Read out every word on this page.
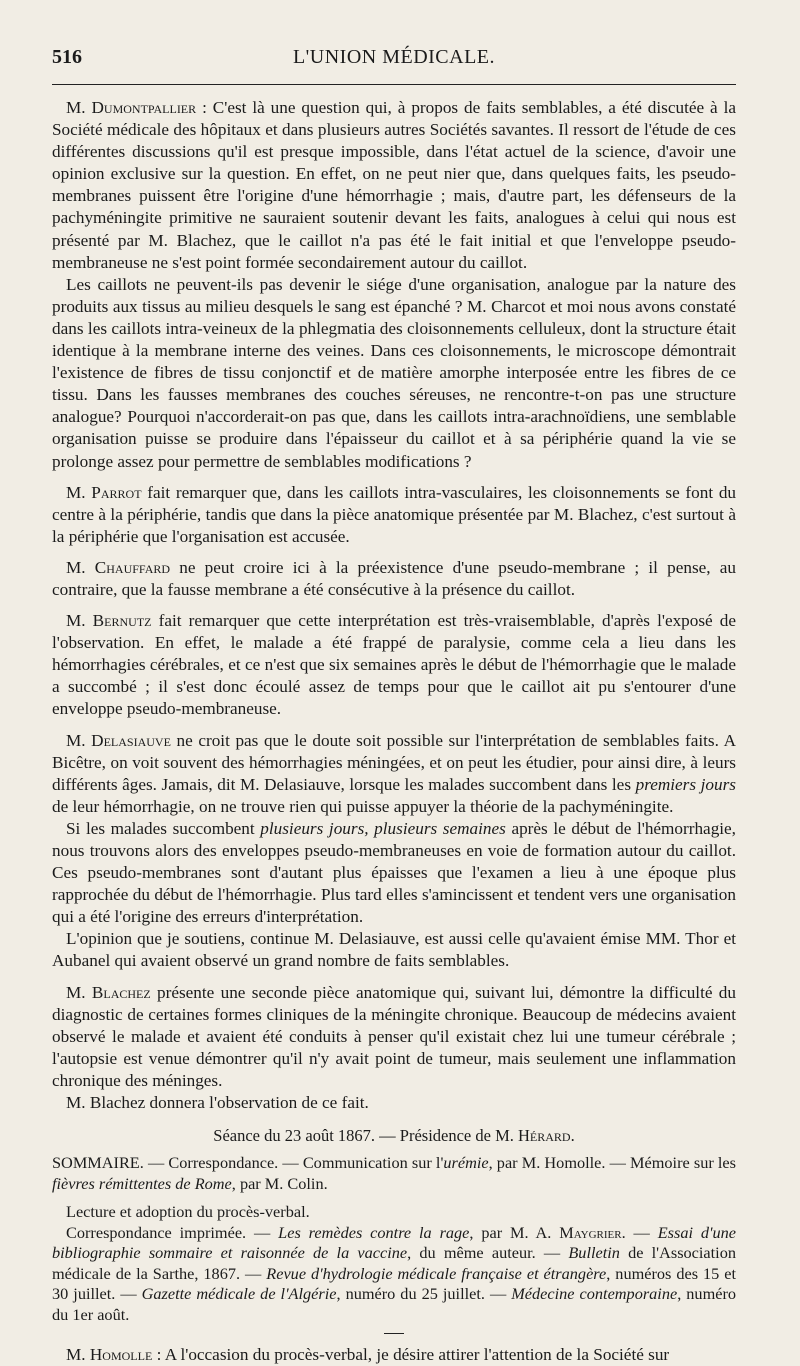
516	L'UNION MÉDICALE.

M. Dumontpallier : C'est là une question qui, à propos de faits semblables, a été discutée à la Société médicale des hôpitaux et dans plusieurs autres Sociétés savantes. Il ressort de l'étude de ces différentes discussions qu'il est presque impossible, dans l'état actuel de la science, d'avoir une opinion exclusive sur la question. En effet, on ne peut nier que, dans quelques faits, les pseudo-membranes puissent être l'origine d'une hémorrhagie ; mais, d'autre part, les défenseurs de la pachyméningite primitive ne sauraient soutenir devant les faits, analogues à celui qui nous est présenté par M. Blachez, que le caillot n'a pas été le fait initial et que l'enveloppe pseudo-membraneuse ne s'est point formée secondairement autour du caillot.

Les caillots ne peuvent-ils pas devenir le siége d'une organisation, analogue par la nature des produits aux tissus au milieu desquels le sang est épanché ? M. Charcot et moi nous avons constaté dans les caillots intra-veineux de la phlegmatia des cloisonnements celluleux, dont la structure était identique à la membrane interne des veines. Dans ces cloisonnements, le microscope démontrait l'existence de fibres de tissu conjonctif et de matière amorphe interposée entre les fibres de ce tissu. Dans les fausses membranes des couches séreuses, ne rencontre-t-on pas une structure analogue? Pourquoi n'accorderait-on pas que, dans les caillots intra-arachnoïdiens, une semblable organisation puisse se produire dans l'épaisseur du caillot et à sa périphérie quand la vie se prolonge assez pour permettre de semblables modifications ?

M. Parrot fait remarquer que, dans les caillots intra-vasculaires, les cloisonnements se font du centre à la périphérie, tandis que dans la pièce anatomique présentée par M. Blachez, c'est surtout à la périphérie que l'organisation est accusée.

M. Chauffard ne peut croire ici à la préexistence d'une pseudo-membrane ; il pense, au contraire, que la fausse membrane a été consécutive à la présence du caillot.

M. Bernutz fait remarquer que cette interprétation est très-vraisemblable, d'après l'exposé de l'observation. En effet, le malade a été frappé de paralysie, comme cela a lieu dans les hémorrhagies cérébrales, et ce n'est que six semaines après le début de l'hémorrhagie que le malade a succombé ; il s'est donc écoulé assez de temps pour que le caillot ait pu s'entourer d'une enveloppe pseudo-membraneuse.

M. Delasiauve ne croit pas que le doute soit possible sur l'interprétation de semblables faits. A Bicêtre, on voit souvent des hémorrhagies méningées, et on peut les étudier, pour ainsi dire, à leurs différents âges. Jamais, dit M. Delasiauve, lorsque les malades succombent dans les premiers jours de leur hémorrhagie, on ne trouve rien qui puisse appuyer la théorie de la pachyméningite.

Si les malades succombent plusieurs jours, plusieurs semaines après le début de l'hémorrhagie, nous trouvons alors des enveloppes pseudo-membraneuses en voie de formation autour du caillot. Ces pseudo-membranes sont d'autant plus épaisses que l'examen a lieu à une époque plus rapprochée du début de l'hémorrhagie. Plus tard elles s'amincissent et tendent vers une organisation qui a été l'origine des erreurs d'interprétation.

L'opinion que je soutiens, continue M. Delasiauve, est aussi celle qu'avaient émise MM. Thor et Aubanel qui avaient observé un grand nombre de faits semblables.

M. Blachez présente une seconde pièce anatomique qui, suivant lui, démontre la difficulté du diagnostic de certaines formes cliniques de la méningite chronique. Beaucoup de médecins avaient observé le malade et avaient été conduits à penser qu'il existait chez lui une tumeur cérébrale ; l'autopsie est venue démontrer qu'il n'y avait point de tumeur, mais seulement une inflammation chronique des méninges.

M. Blachez donnera l'observation de ce fait.

Séance du 23 août 1867. — Présidence de M. Hérard.
SOMMAIRE. — Correspondance. — Communication sur l'urémie, par M. Homolle. — Mémoire sur les fièvres rémittentes de Rome, par M. Colin.

Lecture et adoption du procès-verbal.

Correspondance imprimée. — Les remèdes contre la rage, par M. A. Maygrier. — Essai d'une bibliographie sommaire et raisonnée de la vaccine, du même auteur. — Bulletin de l'Association médicale de la Sarthe, 1867. — Revue d'hydrologie médicale française et étrangère, numéros des 15 et 30 juillet. — Gazette médicale de l'Algérie, numéro du 25 juillet. — Médecine contemporaine, numéro du 1er août.

M. Homolle : A l'occasion du procès-verbal, je désire attirer l'attention de la Société sur
